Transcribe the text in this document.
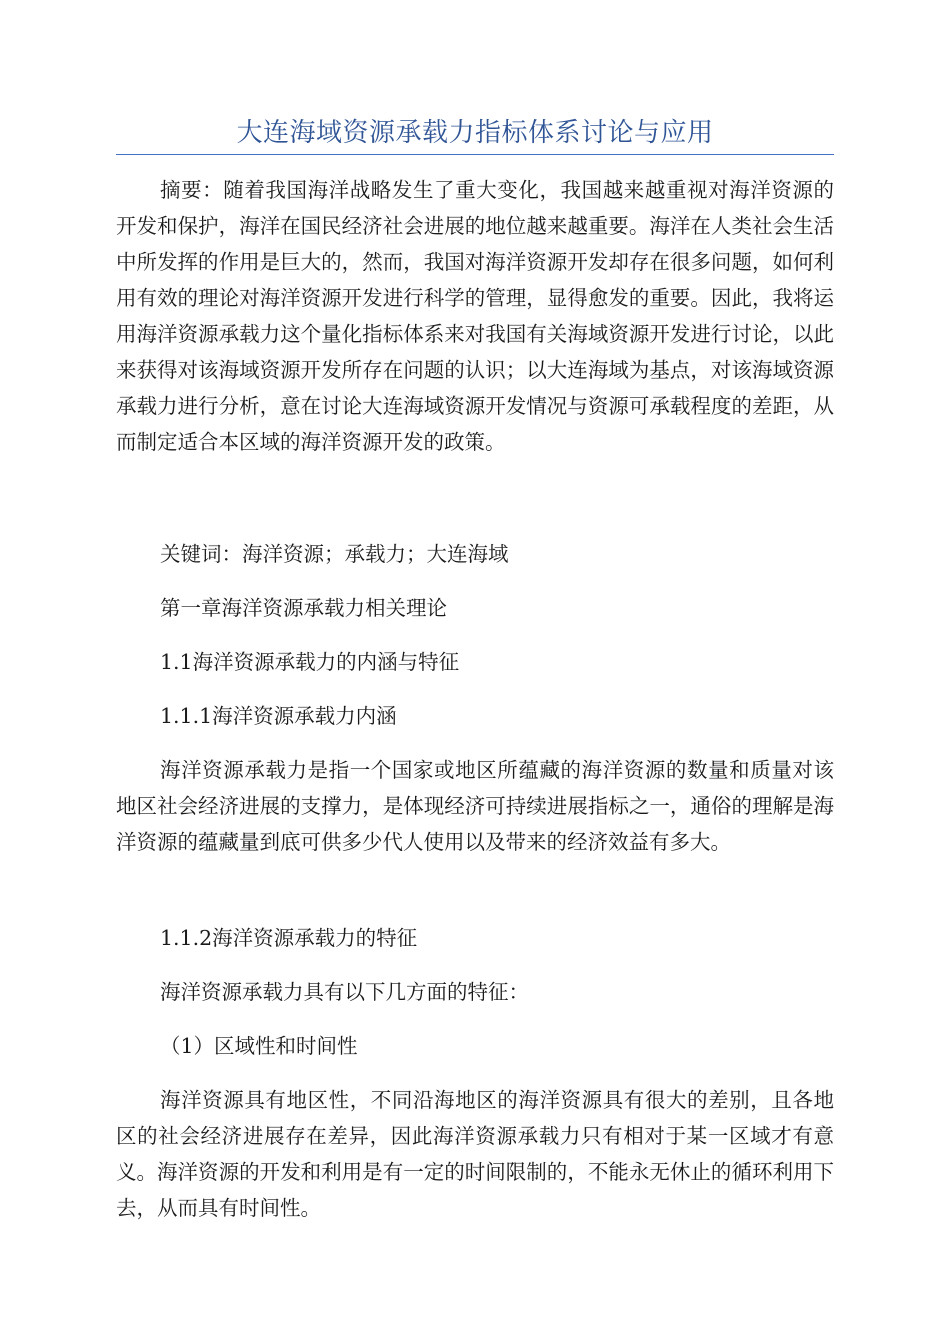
大连海域资源承载力指标体系讨论与应用

摘要：随着我国海洋战略发生了重大变化，我国越来越重视对海洋资源的开发和保护，海洋在国民经济社会进展的地位越来越重要。海洋在人类社会生活中所发挥的作用是巨大的，然而，我国对海洋资源开发却存在很多问题，如何利用有效的理论对海洋资源开发进行科学的管理，显得愈发的重要。因此，我将运用海洋资源承载力这个量化指标体系来对我国有关海域资源开发进行讨论，以此来获得对该海域资源开发所存在问题的认识；以大连海域为基点，对该海域资源承载力进行分析，意在讨论大连海域资源开发情况与资源可承载程度的差距，从而制定适合本区域的海洋资源开发的政策。

关键词：海洋资源；承载力；大连海域

第一章海洋资源承载力相关理论

1.1海洋资源承载力的内涵与特征

1.1.1海洋资源承载力内涵

海洋资源承载力是指一个国家或地区所蕴藏的海洋资源的数量和质量对该地区社会经济进展的支撑力，是体现经济可持续进展指标之一，通俗的理解是海洋资源的蕴藏量到底可供多少代人使用以及带来的经济效益有多大。

1.1.2海洋资源承载力的特征

海洋资源承载力具有以下几方面的特征：

（1）区域性和时间性

海洋资源具有地区性，不同沿海地区的海洋资源具有很大的差别，且各地区的社会经济进展存在差异，因此海洋资源承载力只有相对于某一区域才有意义。海洋资源的开发和利用是有一定的时间限制的，不能永无休止的循环利用下去，从而具有时间性。
